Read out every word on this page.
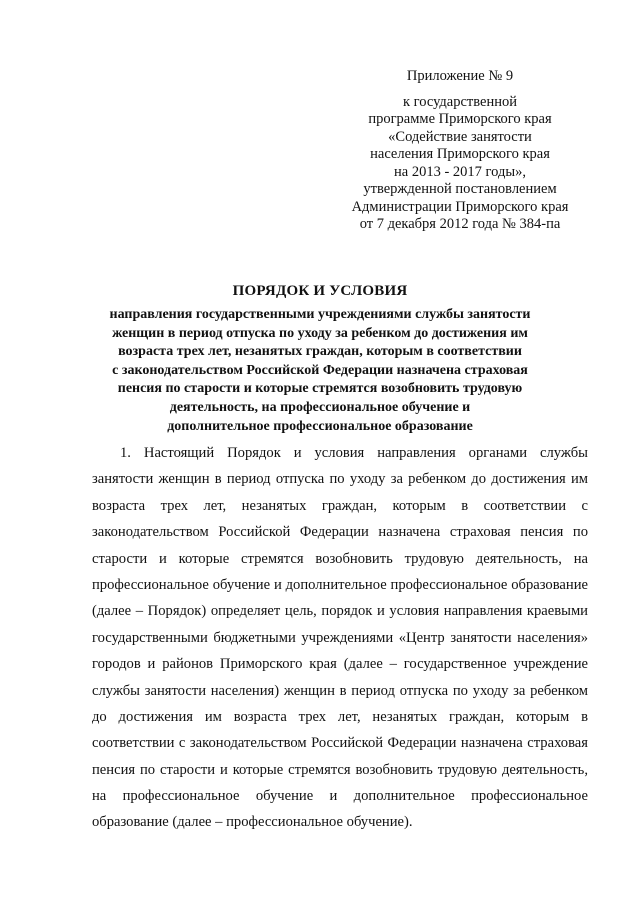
Приложение № 9
к государственной
программе Приморского края
«Содействие занятости
населения Приморского края
на 2013 - 2017 годы»,
утвержденной постановлением
Администрации Приморского края
от 7 декабря 2012 года № 384-па
ПОРЯДОК И УСЛОВИЯ
направления государственными учреждениями службы занятости
женщин в период отпуска по уходу за ребенком до достижения им
возраста трех лет, незанятых граждан, которым в соответствии
с законодательством Российской Федерации назначена страховая
пенсия по старости и которые стремятся возобновить трудовую
деятельность, на профессиональное обучение и
дополнительное профессиональное образование
1. Настоящий Порядок и условия направления органами службы
занятости женщин в период отпуска по уходу за ребенком до достижения им
возраста трех лет, незанятых граждан, которым в соответствии с
законодательством Российской Федерации назначена страховая пенсия по
старости и которые стремятся возобновить трудовую деятельность, на
профессиональное обучение и дополнительное профессиональное образование
(далее – Порядок) определяет цель, порядок и условия направления краевыми
государственными бюджетными учреждениями «Центр занятости населения»
городов и районов Приморского края (далее – государственное учреждение
службы занятости населения) женщин в период отпуска по уходу за ребенком
до достижения им возраста трех лет, незанятых граждан, которым в
соответствии с законодательством Российской Федерации назначена страховая
пенсия по старости и которые стремятся возобновить трудовую деятельность,
на профессиональное обучение и дополнительное профессиональное
образование (далее – профессиональное обучение).
